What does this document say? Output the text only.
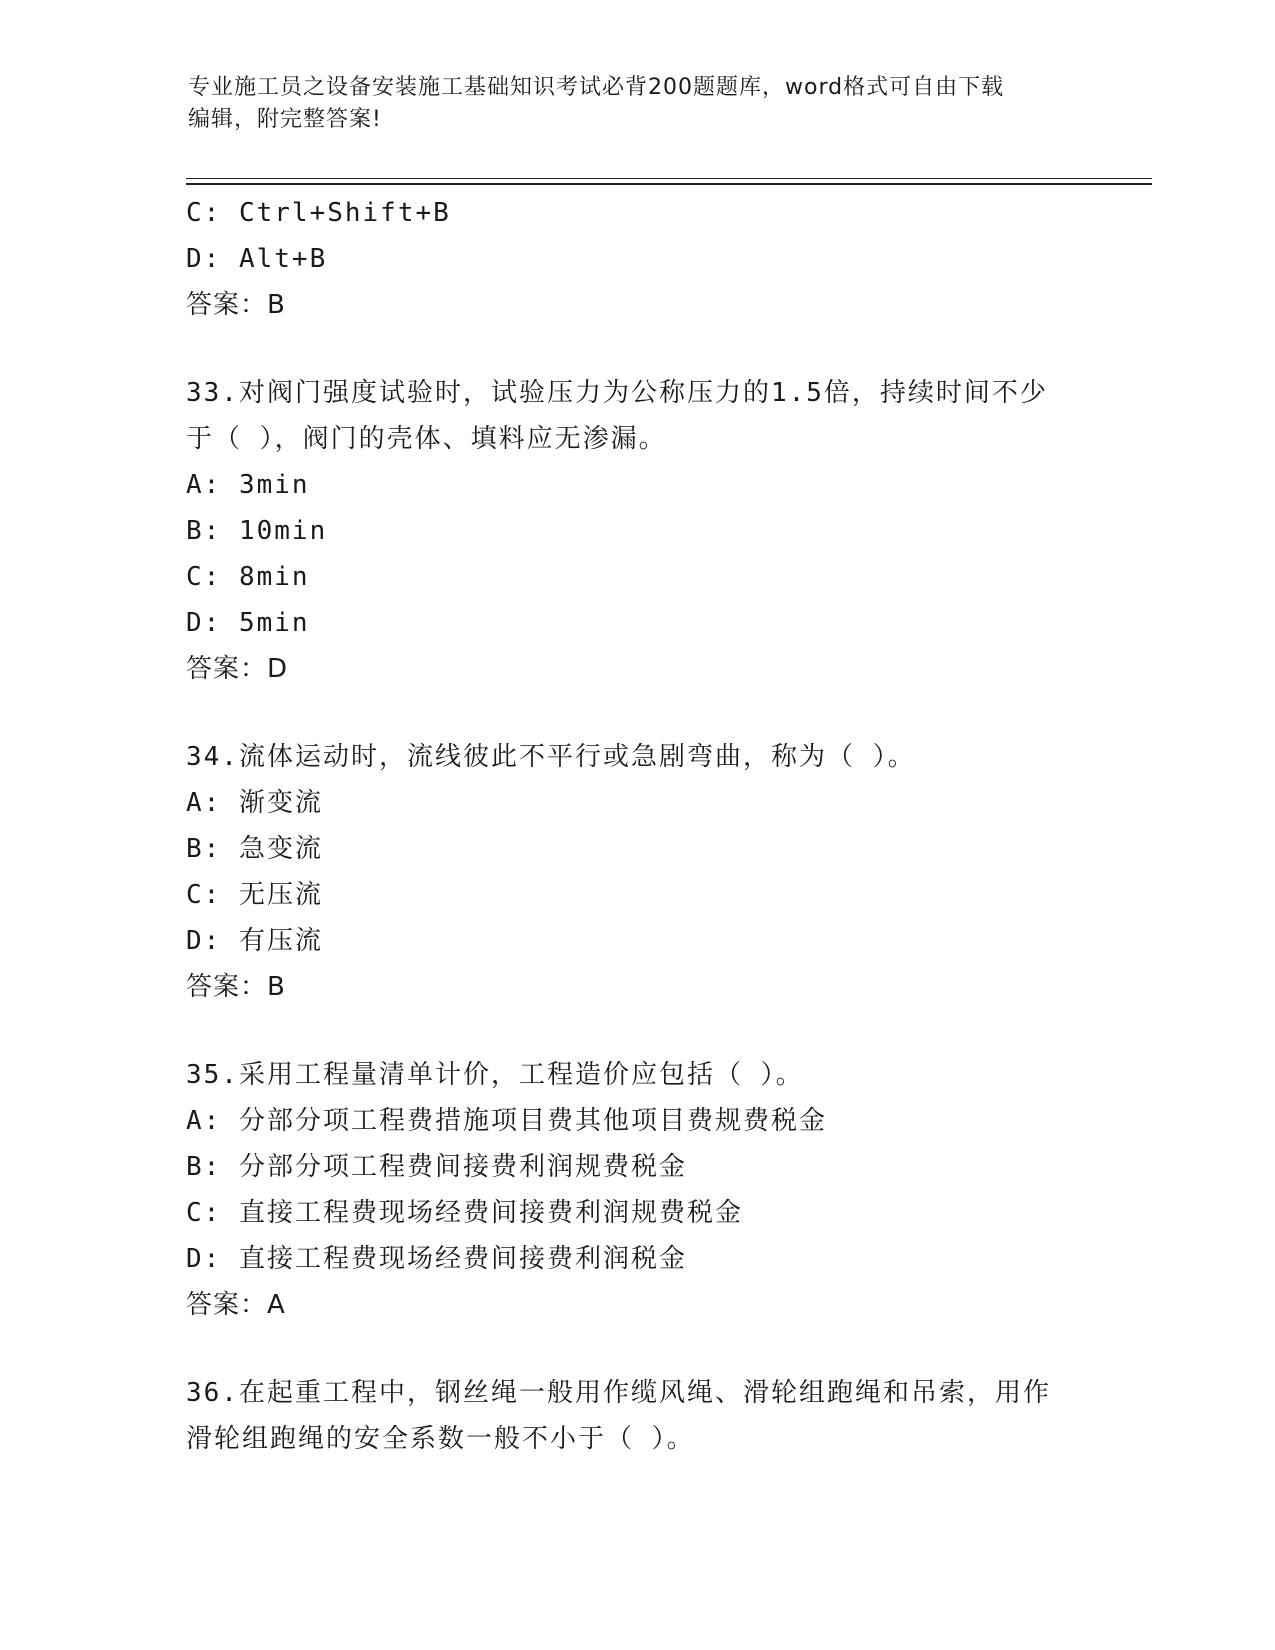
专业施工员之设备安装施工基础知识考试必背200题题库，word格式可自由下载
编辑，附完整答案!
C: Ctrl+Shift+B
D: Alt+B
答案：B
33.对阀门强度试验时，试验压力为公称压力的1.5倍，持续时间不少
于（ ），阀门的壳体、填料应无渗漏。
A: 3min
B: 10min
C: 8min
D: 5min
答案：D
34.流体运动时，流线彼此不平行或急剧弯曲，称为（ ）。
A: 渐变流
B: 急变流
C: 无压流
D: 有压流
答案：B
35.采用工程量清单计价，工程造价应包括（ ）。
A: 分部分项工程费措施项目费其他项目费规费税金
B: 分部分项工程费间接费利润规费税金
C: 直接工程费现场经费间接费利润规费税金
D: 直接工程费现场经费间接费利润税金
答案：A
36.在起重工程中，钢丝绳一般用作缆风绳、滑轮组跑绳和吊索，用作
滑轮组跑绳的安全系数一般不小于（ ）。
